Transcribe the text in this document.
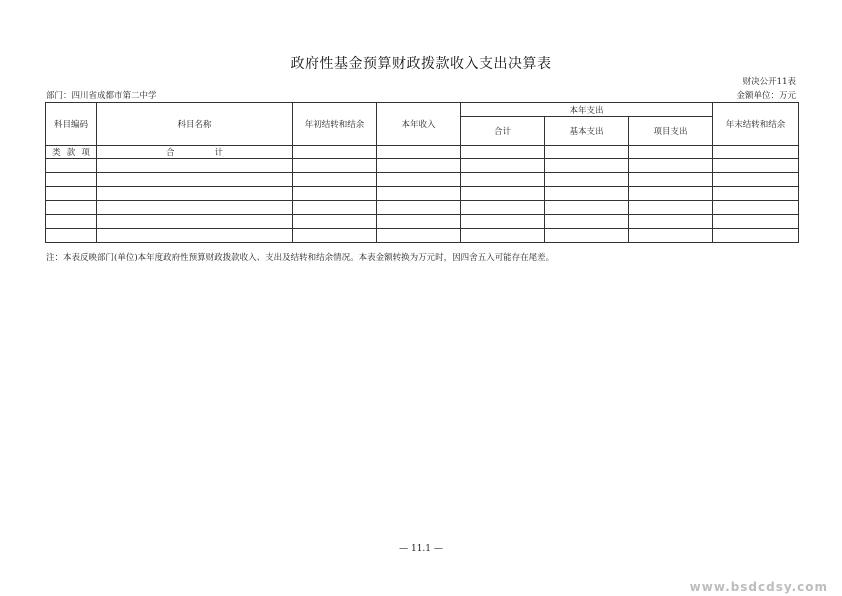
政府性基金预算财政拨款收入支出决算表
财决公开11表
部门：四川省成都市第二中学	金额单位：万元
科目编码	科目名称	年初结转和结余	本年收入	本年支出			年末结转和结余
				合计	基本支出	项目支出	

类 款 项	合计						

注：本表反映部门(单位)本年度政府性预算财政拨款收入、支出及结转和结余情况。本表金额转换为万元时，因四舍五入可能存在尾差。
— 11.1 —
www.bsdcdsy.com
